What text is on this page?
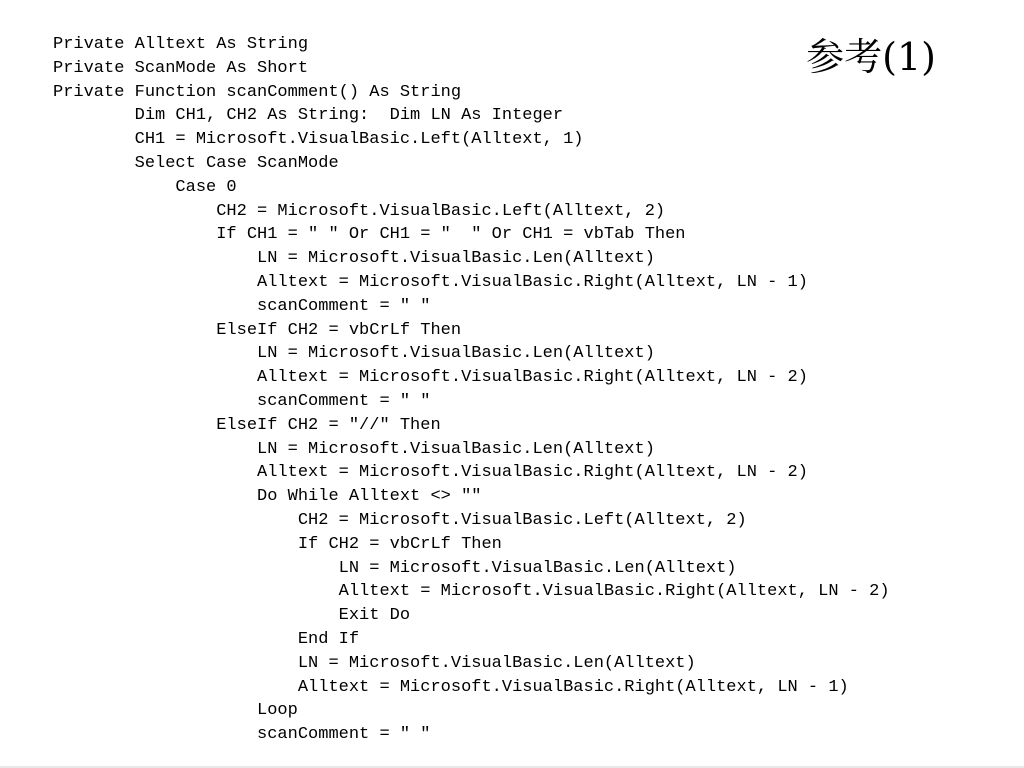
参考(1)
Private Alltext As String
Private ScanMode As Short
Private Function scanComment() As String
Dim CH1, CH2 As String:  Dim LN As Integer
CH1 = Microsoft.VisualBasic.Left(Alltext, 1)
Select Case ScanMode
Case 0
CH2 = Microsoft.VisualBasic.Left(Alltext, 2)
If CH1 = " " Or CH1 = "  " Or CH1 = vbTab Then
LN = Microsoft.VisualBasic.Len(Alltext)
Alltext = Microsoft.VisualBasic.Right(Alltext, LN - 1)
scanComment = " "
ElseIf CH2 = vbCrLf Then
LN = Microsoft.VisualBasic.Len(Alltext)
Alltext = Microsoft.VisualBasic.Right(Alltext, LN - 2)
scanComment = " "
ElseIf CH2 = "//" Then
LN = Microsoft.VisualBasic.Len(Alltext)
Alltext = Microsoft.VisualBasic.Right(Alltext, LN - 2)
Do While Alltext <> ""
CH2 = Microsoft.VisualBasic.Left(Alltext, 2)
If CH2 = vbCrLf Then
LN = Microsoft.VisualBasic.Len(Alltext)
Alltext = Microsoft.VisualBasic.Right(Alltext, LN - 2)
Exit Do
End If
LN = Microsoft.VisualBasic.Len(Alltext)
Alltext = Microsoft.VisualBasic.Right(Alltext, LN - 1)
Loop
scanComment = " "
